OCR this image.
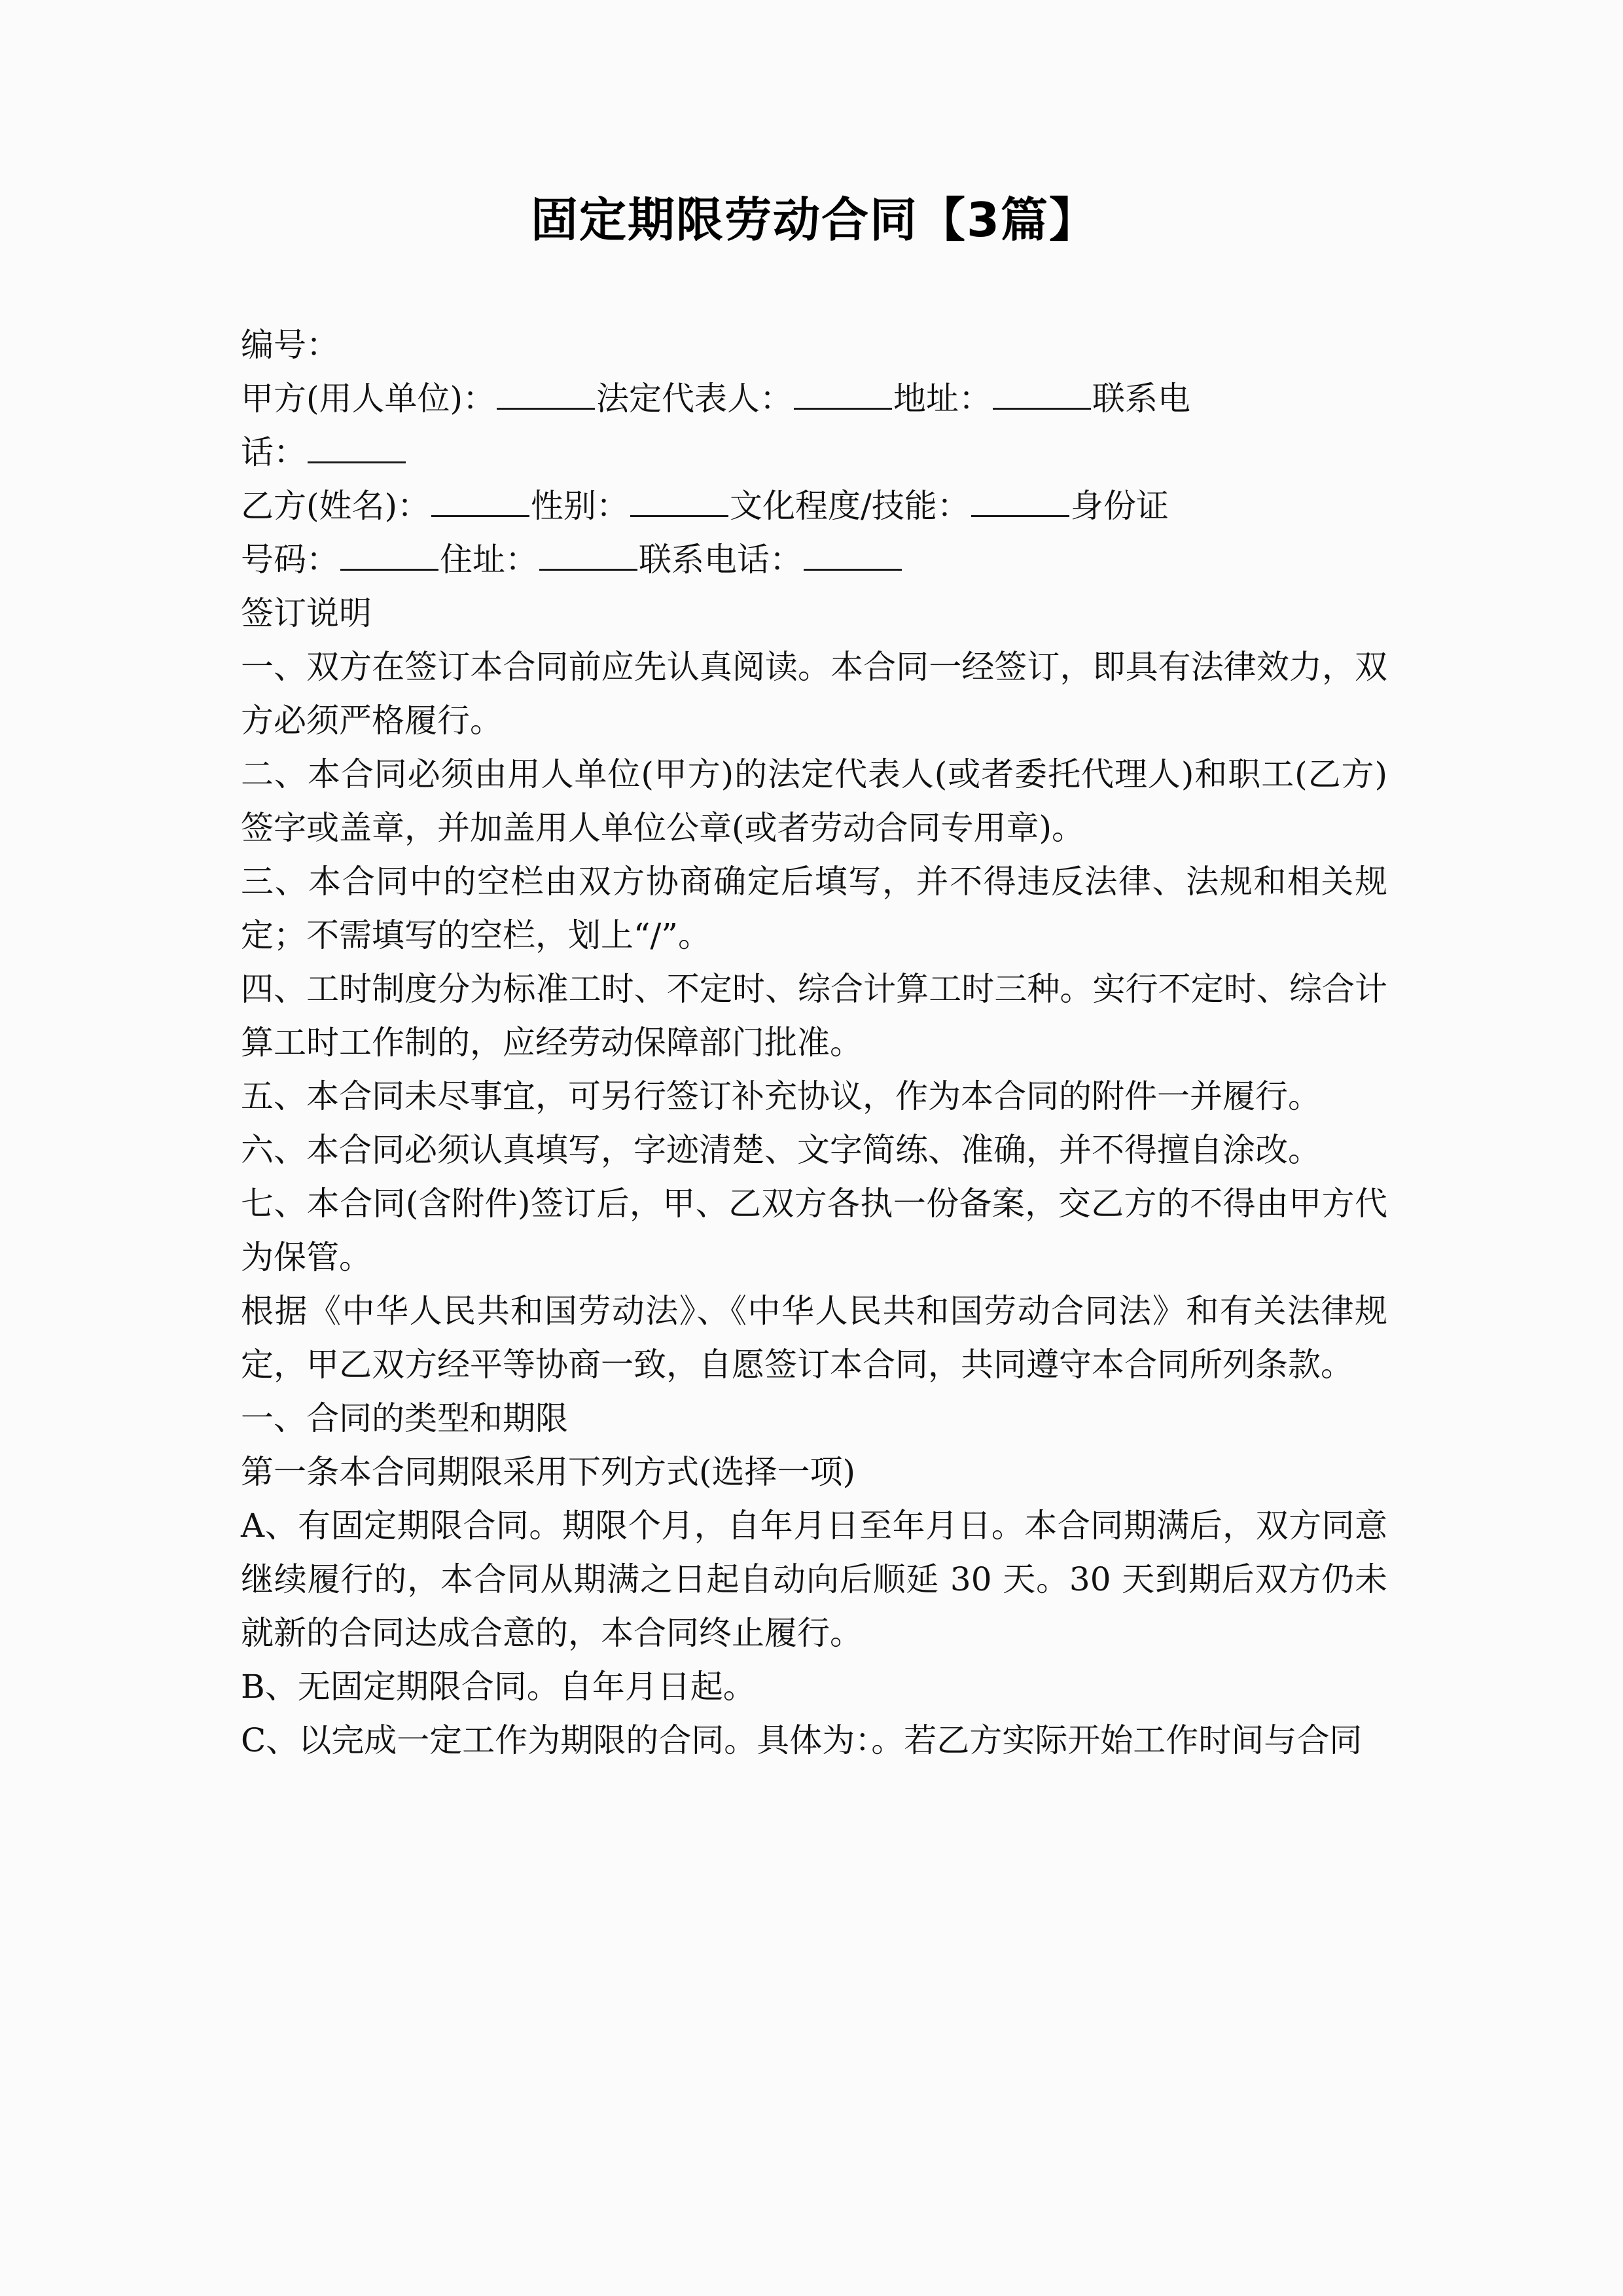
固定期限劳动合同【3篇】
编号：
甲方(用人单位)：	法定代表人：	地址：	联系电
话：
乙方(姓名)：	性别：	文化程度/技能：	身份证
号码：	住址：	联系电话：
签订说明
一、双方在签订本合同前应先认真阅读。本合同一经签订，即具有法律效力，双方必须严格履行。
二、本合同必须由用人单位(甲方)的法定代表人(或者委托代理人)和职工(乙方)签字或盖章，并加盖用人单位公章(或者劳动合同专用章)。
三、本合同中的空栏由双方协商确定后填写，并不得违反法律、法规和相关规定；不需填写的空栏，划上“/”。
四、工时制度分为标准工时、不定时、综合计算工时三种。实行不定时、综合计算工时工作制的，应经劳动保障部门批准。
五、本合同未尽事宜，可另行签订补充协议，作为本合同的附件一并履行。
六、本合同必须认真填写，字迹清楚、文字简练、准确，并不得擅自涂改。
七、本合同(含附件)签订后，甲、乙双方各执一份备案，交乙方的不得由甲方代为保管。
根据《中华人民共和国劳动法》、《中华人民共和国劳动合同法》和有关法律规定，甲乙双方经平等协商一致，自愿签订本合同，共同遵守本合同所列条款。
一、合同的类型和期限
第一条本合同期限采用下列方式(选择一项)
A、有固定期限合同。期限个月，自年月日至年月日。本合同期满后，双方同意继续履行的，本合同从期满之日起自动向后顺延 30 天。30 天到期后双方仍未就新的合同达成合意的，本合同终止履行。
B、无固定期限合同。自年月日起。
C、以完成一定工作为期限的合同。具体为：。若乙方实际开始工作时间与合同
